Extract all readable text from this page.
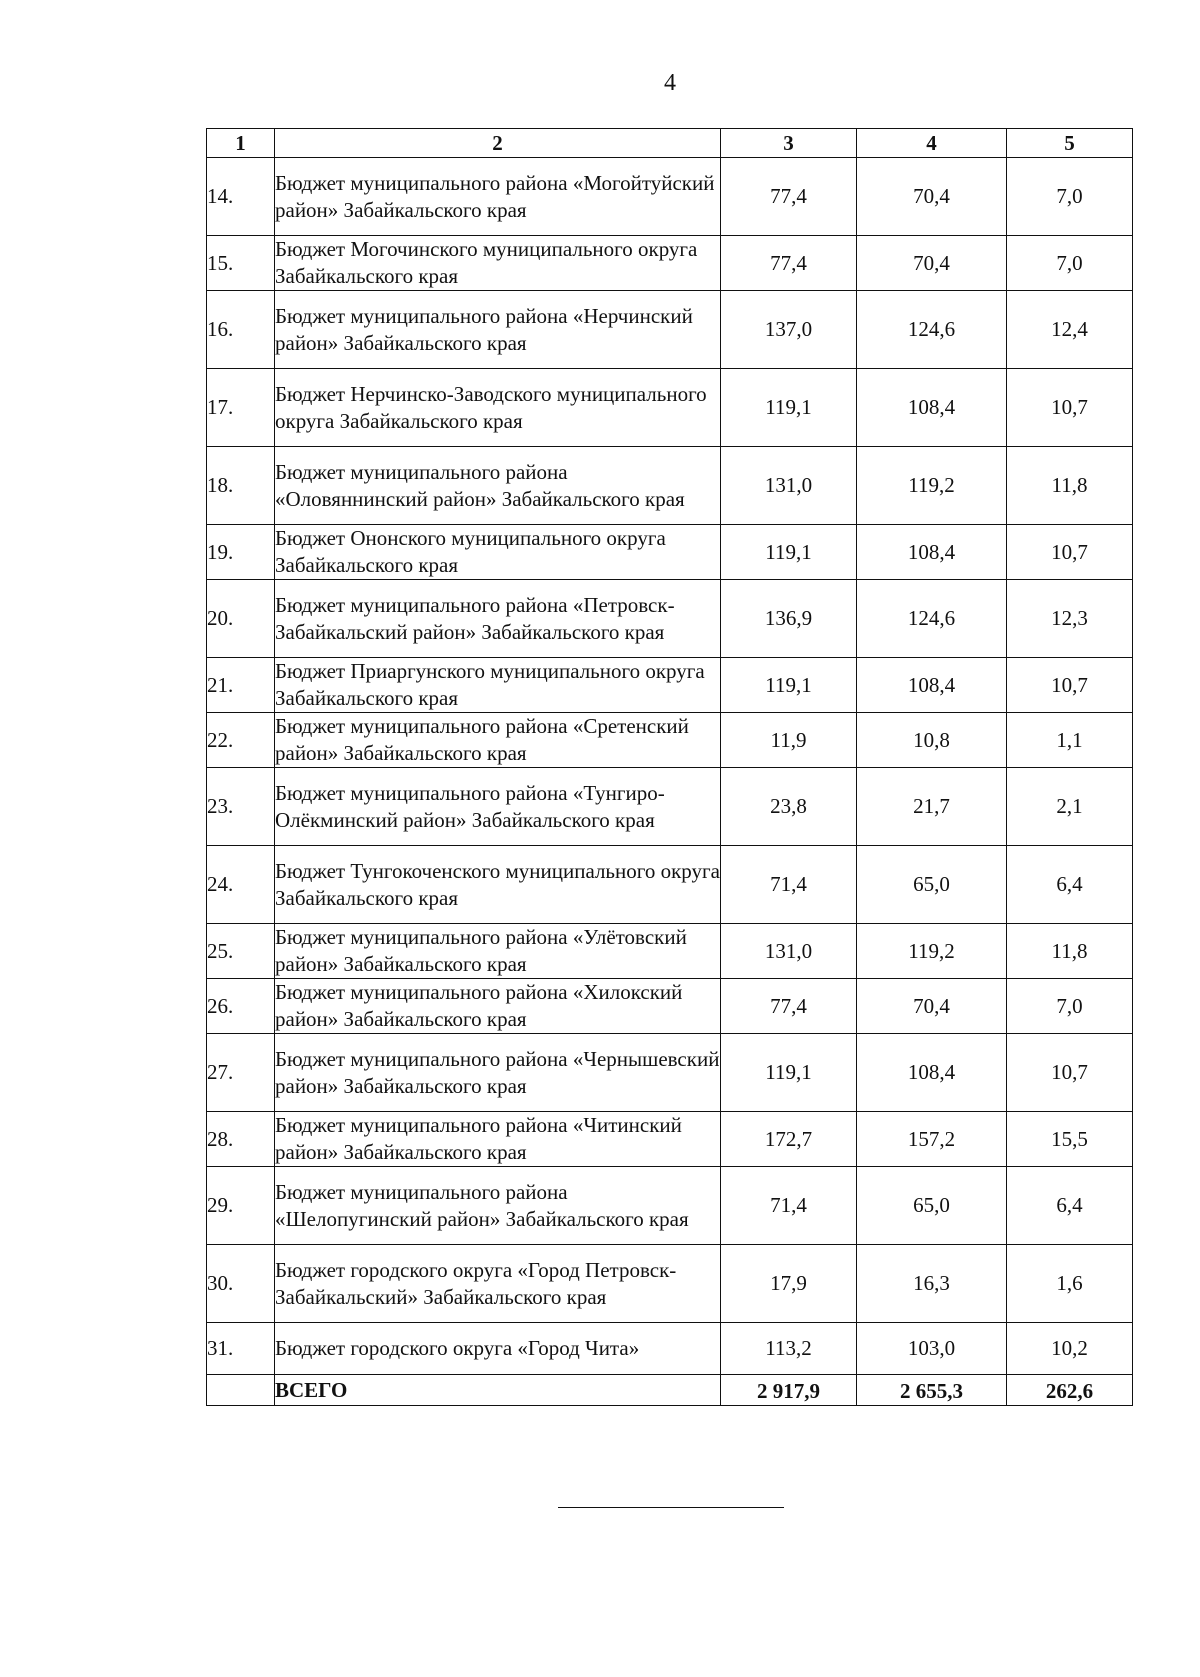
4
1	2	3	4	5
14.	Бюджет муниципального района «Могойтуйский район» Забайкальского края	77,4	70,4	7,0
15.	Бюджет Могочинского муниципального округа Забайкальского края	77,4	70,4	7,0
16.	Бюджет муниципального района «Нерчинский район» Забайкальского края	137,0	124,6	12,4
17.	Бюджет Нерчинско-Заводского муниципального округа Забайкальского края	119,1	108,4	10,7
18.	Бюджет муниципального района «Оловяннинский район» Забайкальского края	131,0	119,2	11,8
19.	Бюджет Ононского муниципального округа Забайкальского края	119,1	108,4	10,7
20.	Бюджет муниципального района «Петровск-Забайкальский район» Забайкальского края	136,9	124,6	12,3
21.	Бюджет Приаргунского муниципального округа Забайкальского края	119,1	108,4	10,7
22.	Бюджет муниципального района «Сретенский район» Забайкальского края	11,9	10,8	1,1
23.	Бюджет муниципального района «Тунгиро-Олёкминский район» Забайкальского края	23,8	21,7	2,1
24.	Бюджет Тунгокоченского муниципального округа Забайкальского края	71,4	65,0	6,4
25.	Бюджет муниципального района «Улётовский район» Забайкальского края	131,0	119,2	11,8
26.	Бюджет муниципального района «Хилокский район» Забайкальского края	77,4	70,4	7,0
27.	Бюджет муниципального района «Чернышевский район» Забайкальского края	119,1	108,4	10,7
28.	Бюджет муниципального района «Читинский район» Забайкальского края	172,7	157,2	15,5
29.	Бюджет муниципального района «Шелопугинский район» Забайкальского края	71,4	65,0	6,4
30.	Бюджет городского округа «Город Петровск-Забайкальский» Забайкальского края	17,9	16,3	1,6
31.	Бюджет городского округа «Город Чита»	113,2	103,0	10,2
	ВСЕГО	2 917,9	2 655,3	262,6
